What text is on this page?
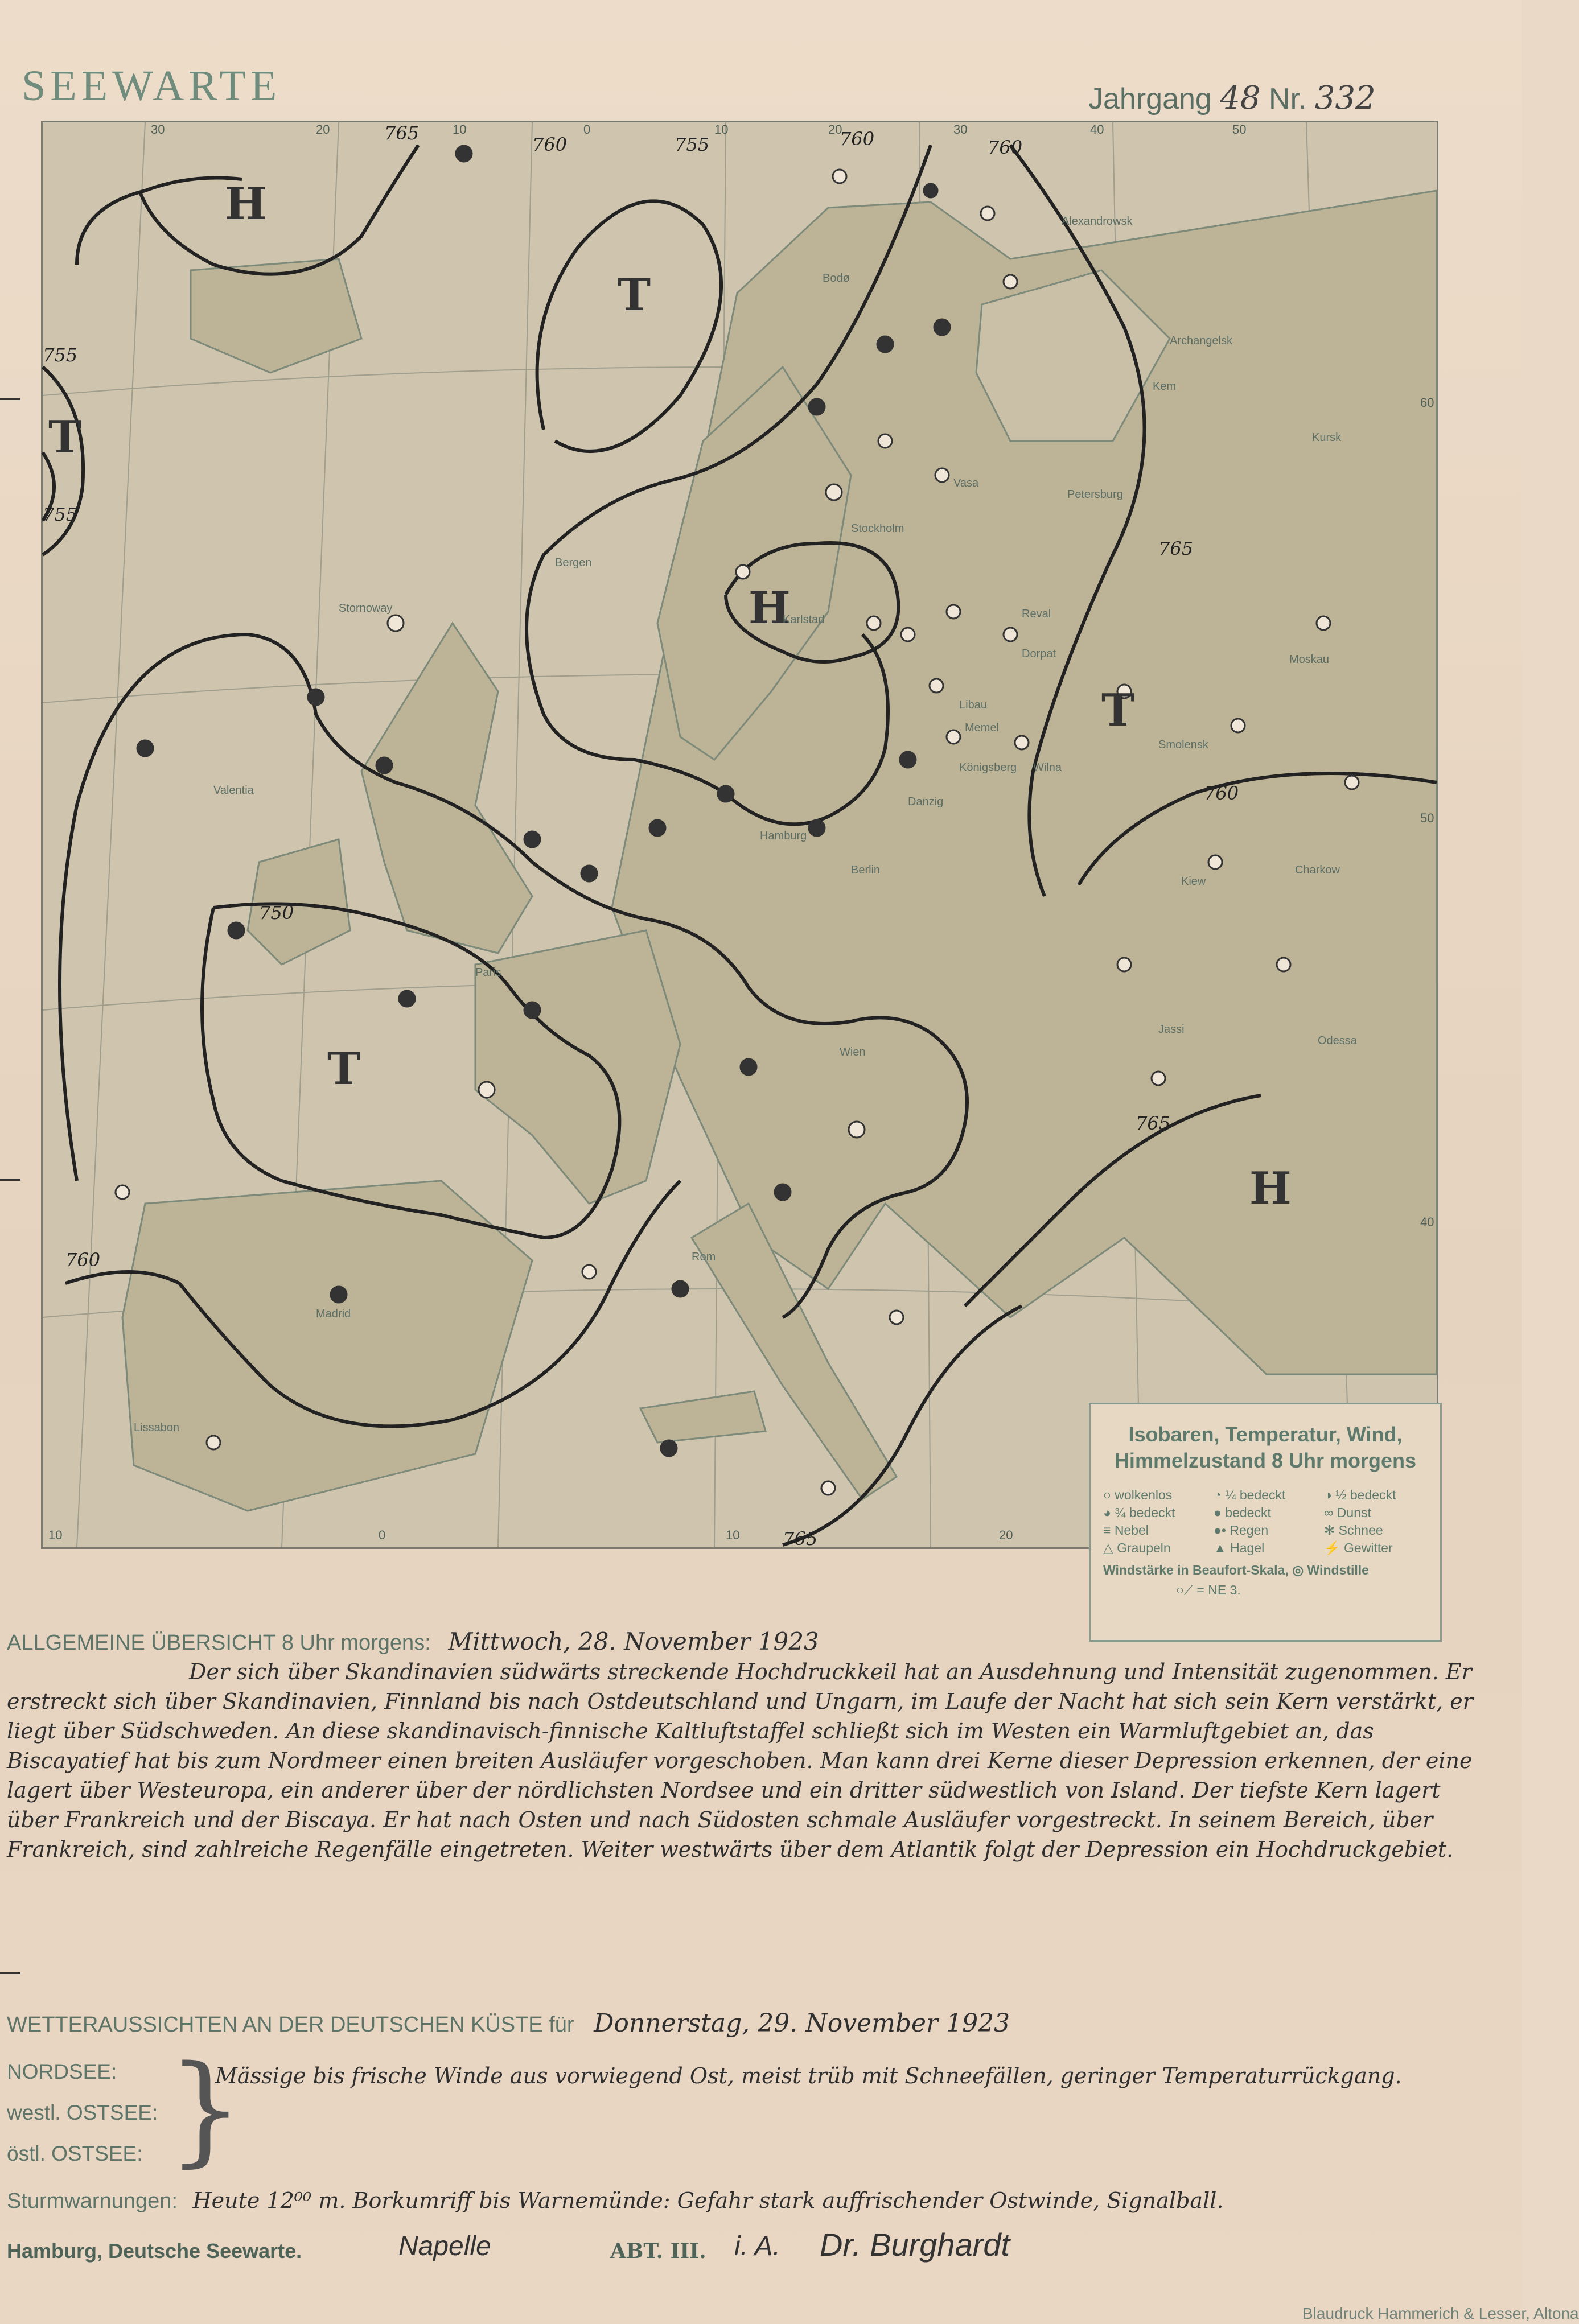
SEEWARTE	Jahrgang 48 Nr. 332
H
H
H
T
T
T
T
765
760	755	760
755
755
750
760
765
765
760
760
765
30	20	10	0	10	20	30	40	50
60
50
40
10	0	10	20
Bodø
Archangelsk
Kem
Alexandrowsk
Vasa
Petersburg
Reval
Dorpat
Libau
Memel
Königsberg
Danzig
Wilna
Smolensk
Moskau
Kiew
Kursk
Charkow
Odessa
Jassi
Wien
Berlin
Hamburg
Stockholm
Karlstad
Bergen
Stornoway
Valentia
Paris
Rom
Madrid
Lissabon	Isobaren, Temperatur, Wind,
Himmelzustand 8 Uhr morgens
○ wolkenlos	◔ ¼ bedeckt	◑ ½ bedeckt
◕ ¾ bedeckt	● bedeckt	∞ Dunst
≡ Nebel	●• Regen	✻ Schnee
△ Graupeln	▲ Hagel	⚡ Gewitter
Windstärke in Beaufort-Skala, ◎ Windstille
○⟋ = NE 3.
ALLGEMEINE ÜBERSICHT 8 Uhr morgens: Mittwoch, 28. November 1923
Der sich über Skandinavien südwärts streckende Hochdruckkeil hat an Ausdehnung und Intensität zugenommen. Er erstreckt sich über Skandinavien, Finnland bis nach Ostdeutschland und Ungarn, im Laufe der Nacht hat sich sein Kern verstärkt, er liegt über Südschweden. An diese skandinavisch-finnische Kaltluftstaffel schließt sich im Westen ein Warmluftgebiet an, das Biscayatief hat bis zum Nordmeer einen breiten Ausläufer vorgeschoben. Man kann drei Kerne dieser Depression erkennen, der eine lagert über Westeuropa, ein anderer über der nördlichsten Nordsee und ein dritter südwestlich von Island. Der tiefste Kern lagert über Frankreich und der Biscaya. Er hat nach Osten und nach Südosten schmale Ausläufer vorgestreckt. In seinem Bereich, über Frankreich, sind zahlreiche Regenfälle eingetreten. Weiter westwärts über dem Atlantik folgt der Depression ein Hochdruckgebiet.
WETTERAUSSICHTEN AN DER DEUTSCHEN KÜSTE für Donnerstag, 29. November 1923
NORDSEE:
westl. OSTSEE:
östl. OSTSEE: }
Mässige bis frische Winde aus vorwiegend Ost, meist trüb mit Schneefällen, geringer Temperaturrückgang.
Sturmwarnungen: Heute 12⁰⁰ m. Borkumriff bis Warnemünde: Gefahr stark auffrischender Ostwinde, Signalball.
Hamburg, Deutsche Seewarte.	Napelle	ABT. III. i. A. Dr. Burghardt
Blaudruck Hammerich & Lesser, Altona
